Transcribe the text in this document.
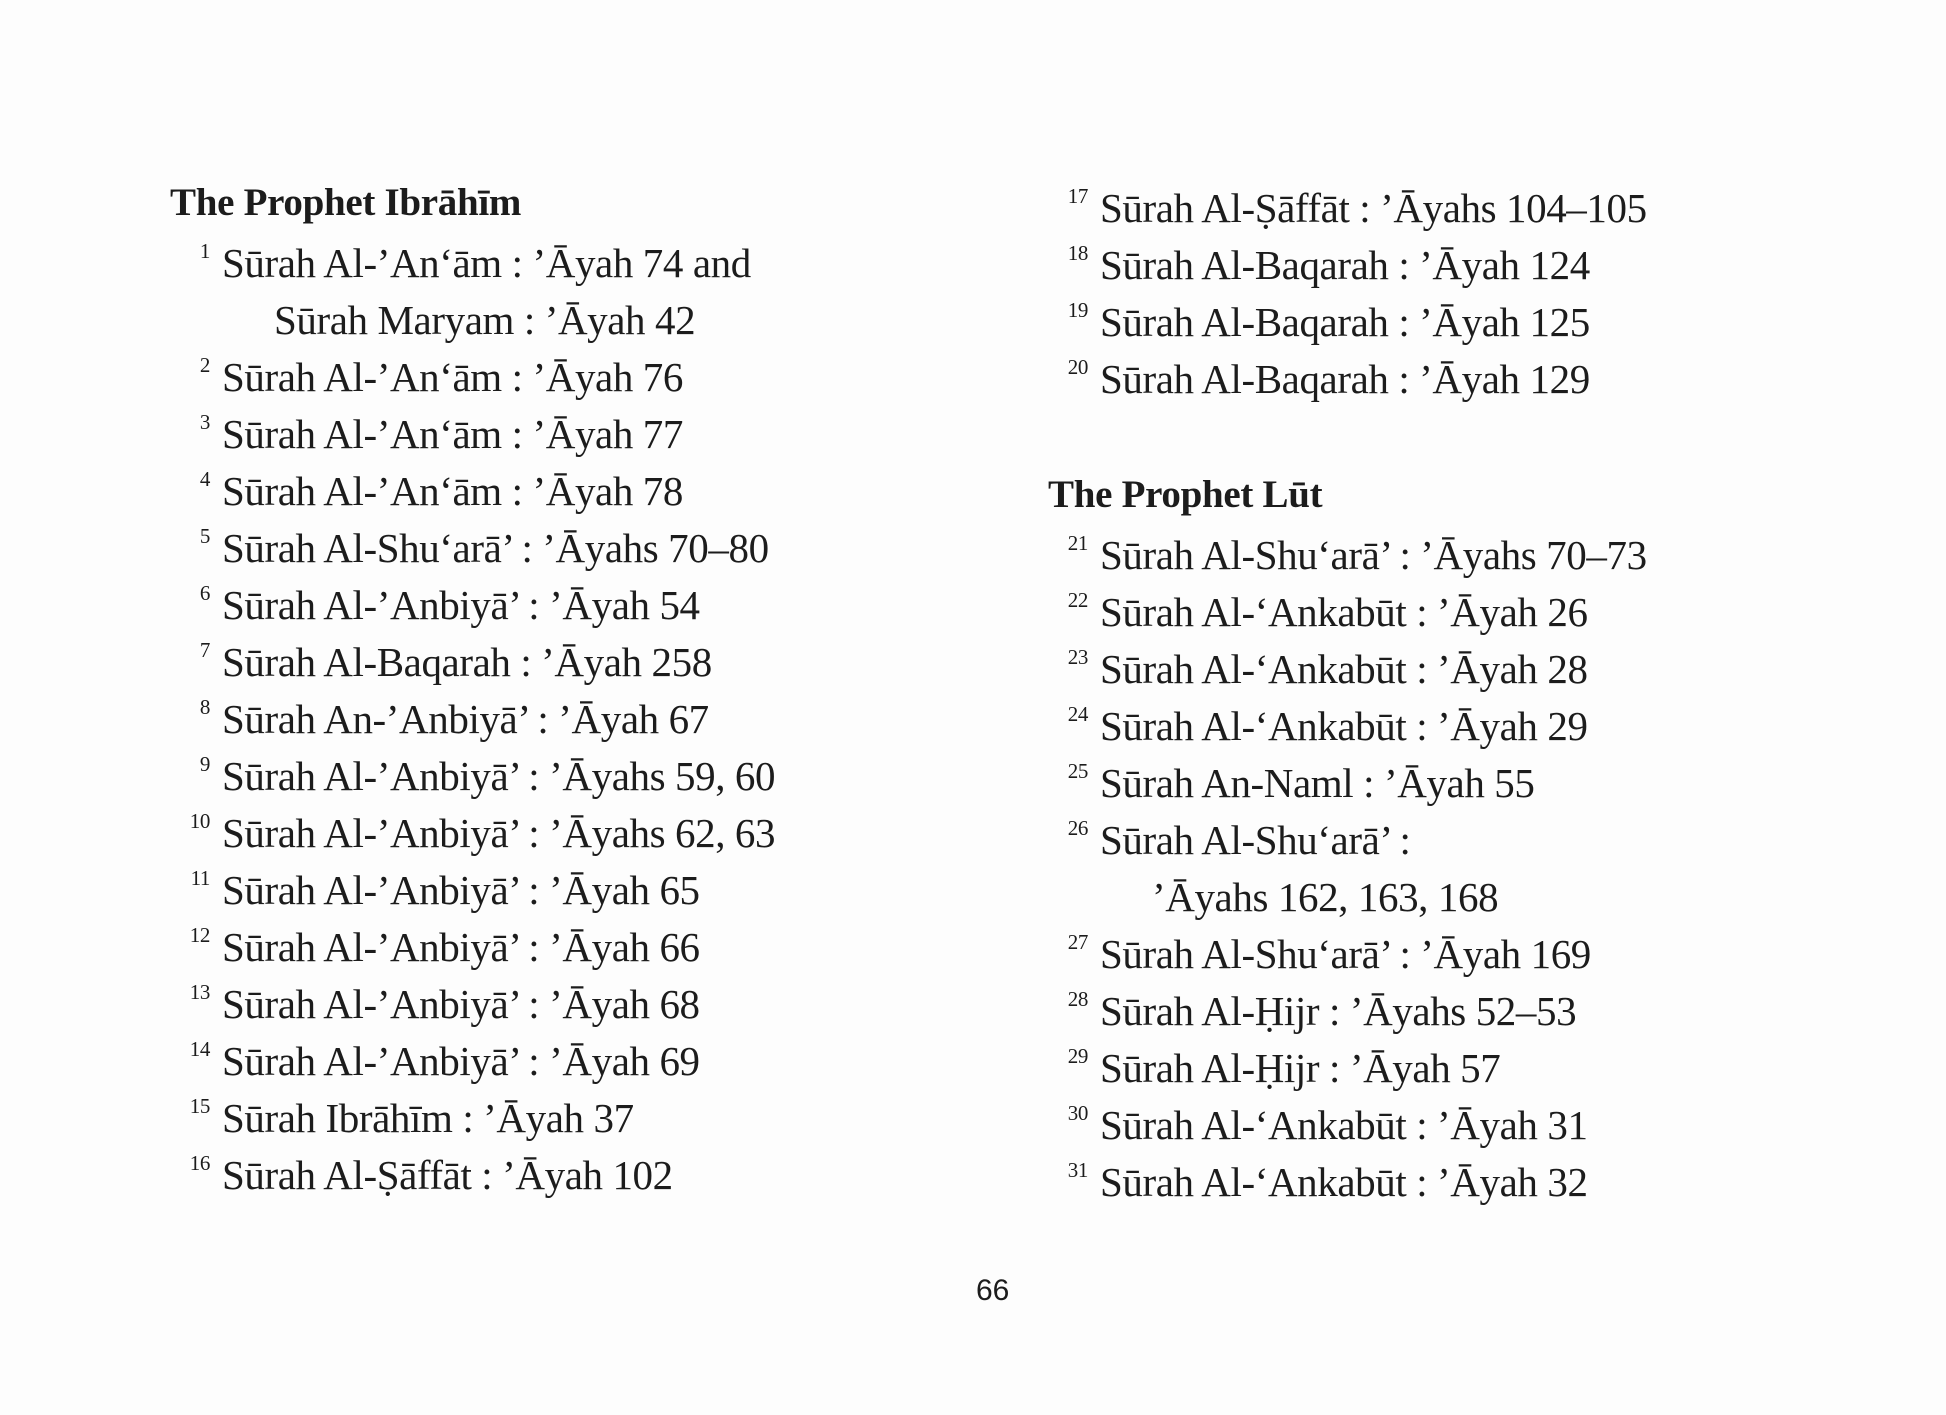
The Prophet Ibrāhīm
1 Sūrah Al-’An‘ām : ’Āyah 74 and
Sūrah Maryam : ’Āyah 42
2 Sūrah Al-’An‘ām : ’Āyah 76
3 Sūrah Al-’An‘ām : ’Āyah 77
4 Sūrah Al-’An‘ām : ’Āyah 78
5 Sūrah Al-Shu‘arā’ : ’Āyahs 70–80
6 Sūrah Al-’Anbiyā’ : ’Āyah 54
7 Sūrah Al-Baqarah : ’Āyah 258
8 Sūrah An-’Anbiyā’ : ’Āyah 67
9 Sūrah Al-’Anbiyā’ : ’Āyahs 59, 60
10 Sūrah Al-’Anbiyā’ : ’Āyahs 62, 63
11 Sūrah Al-’Anbiyā’ : ’Āyah 65
12 Sūrah Al-’Anbiyā’ : ’Āyah 66
13 Sūrah Al-’Anbiyā’ : ’Āyah 68
14 Sūrah Al-’Anbiyā’ : ’Āyah 69
15 Sūrah Ibrāhīm : ’Āyah 37
16 Sūrah Al-Ṣāffāt : ’Āyah 102
17 Sūrah Al-Ṣāffāt : ’Āyahs 104–105
18 Sūrah Al-Baqarah : ’Āyah 124
19 Sūrah Al-Baqarah : ’Āyah 125
20 Sūrah Al-Baqarah : ’Āyah 129
The Prophet Lūt
21 Sūrah Al-Shu‘arā’ : ’Āyahs 70–73
22 Sūrah Al-‘Ankabūt : ’Āyah 26
23 Sūrah Al-‘Ankabūt : ’Āyah 28
24 Sūrah Al-‘Ankabūt : ’Āyah 29
25 Sūrah An-Naml : ’Āyah 55
26 Sūrah Al-Shu‘arā’ :
’Āyahs 162, 163, 168
27 Sūrah Al-Shu‘arā’ : ’Āyah 169
28 Sūrah Al-Ḥijr : ’Āyahs 52–53
29 Sūrah Al-Ḥijr : ’Āyah 57
30 Sūrah Al-‘Ankabūt : ’Āyah 31
31 Sūrah Al-‘Ankabūt : ’Āyah 32
66
